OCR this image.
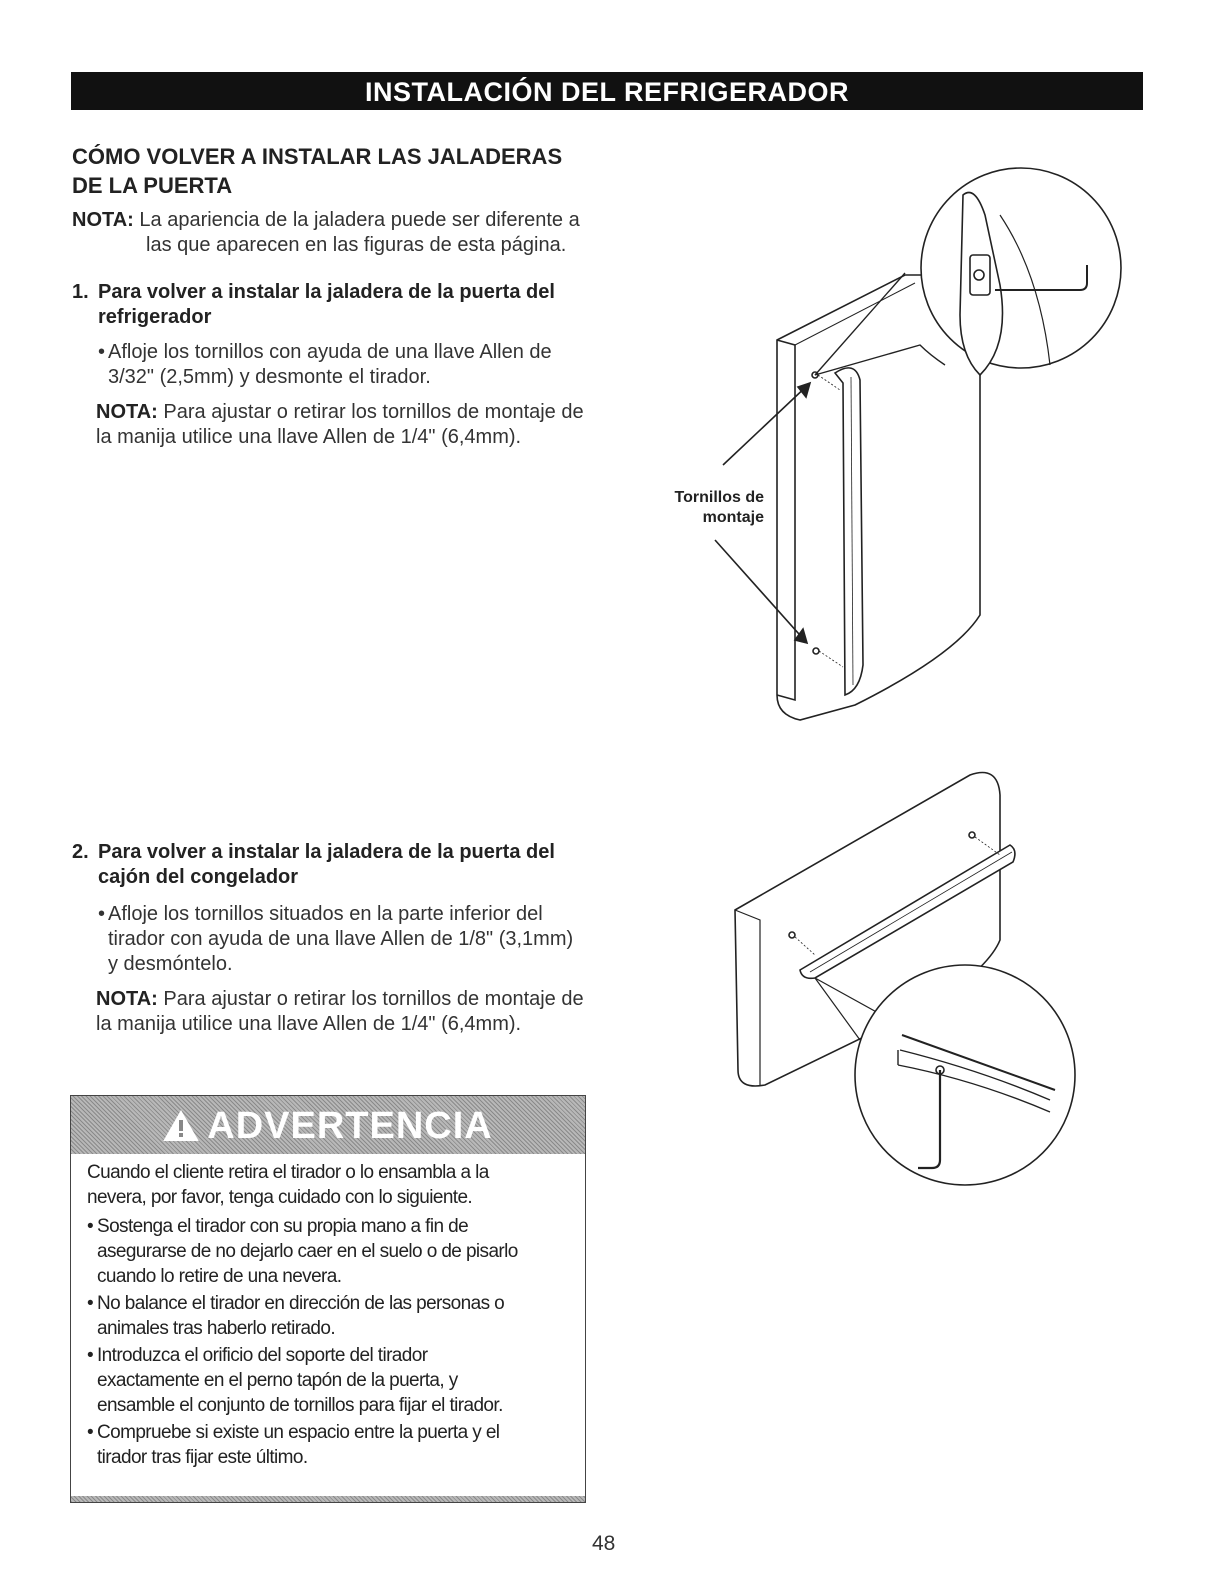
INSTALACIÓN DEL REFRIGERADOR
CÓMO VOLVER A INSTALAR LAS JALADERAS
DE LA PUERTA
NOTA: La apariencia de la jaladera puede ser diferente a
las que aparecen en las figuras de esta página.
1. Para volver a instalar la jaladera de la puerta del
refrigerador
• Afloje los tornillos con ayuda de una llave Allen de
3/32" (2,5mm) y desmonte el tirador.
NOTA: Para ajustar o retirar los tornillos de montaje de
la manija utilice una llave Allen de 1/4" (6,4mm).
Tornillos de
montaje
2. Para volver a instalar la jaladera de la puerta del
cajón del congelador
• Afloje los tornillos situados en la parte inferior del
tirador con ayuda de una llave Allen de 1/8" (3,1mm)
y desmóntelo.
NOTA: Para ajustar o retirar los tornillos de montaje de
la manija utilice una llave Allen de 1/4" (6,4mm).
ADVERTENCIA
Cuando el cliente retira el tirador o lo ensambla a la
nevera, por favor, tenga cuidado con lo siguiente.
• Sostenga el tirador con su propia mano a fin de
asegurarse de no dejarlo caer en el suelo o de pisarlo
cuando lo retire de una nevera.
• No balance el tirador en dirección de las personas o
animales tras haberlo retirado.
• Introduzca el orificio del soporte del tirador
exactamente en el perno tapón de la puerta, y
ensamble el conjunto de tornillos para fijar el tirador.
• Compruebe si existe un espacio entre la puerta y el
tirador tras fijar este último.
48
